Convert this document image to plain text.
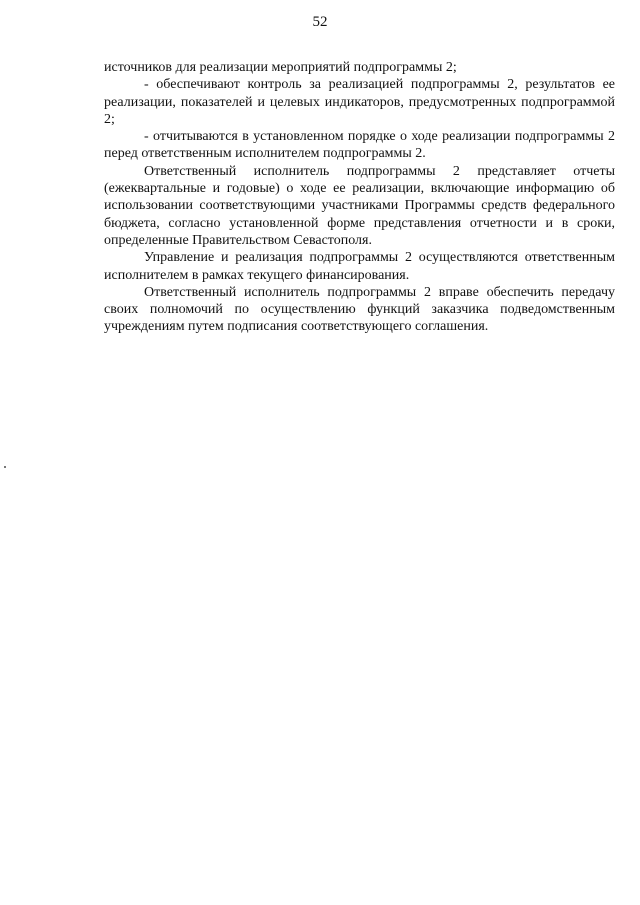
52

источников для реализации мероприятий подпрограммы 2;

- обеспечивают контроль за реализацией подпрограммы 2, результатов ее реализации, показателей и целевых индикаторов, предусмотренных подпрограммой 2;

- отчитываются в установленном порядке о ходе реализации подпрограммы 2 перед ответственным исполнителем подпрограммы 2.

Ответственный исполнитель подпрограммы 2 представляет отчеты (ежеквартальные и годовые) о ходе ее реализации, включающие информацию об использовании соответствующими участниками Программы средств федерального бюджета, согласно установленной форме представления отчетности и в сроки, определенные Правительством Севастополя.

Управление и реализация подпрограммы 2 осуществляются ответственным исполнителем в рамках текущего финансирования.

Ответственный исполнитель подпрограммы 2 вправе обеспечить передачу своих полномочий по осуществлению функций заказчика подведомственным учреждениям путем подписания соответствующего соглашения.
